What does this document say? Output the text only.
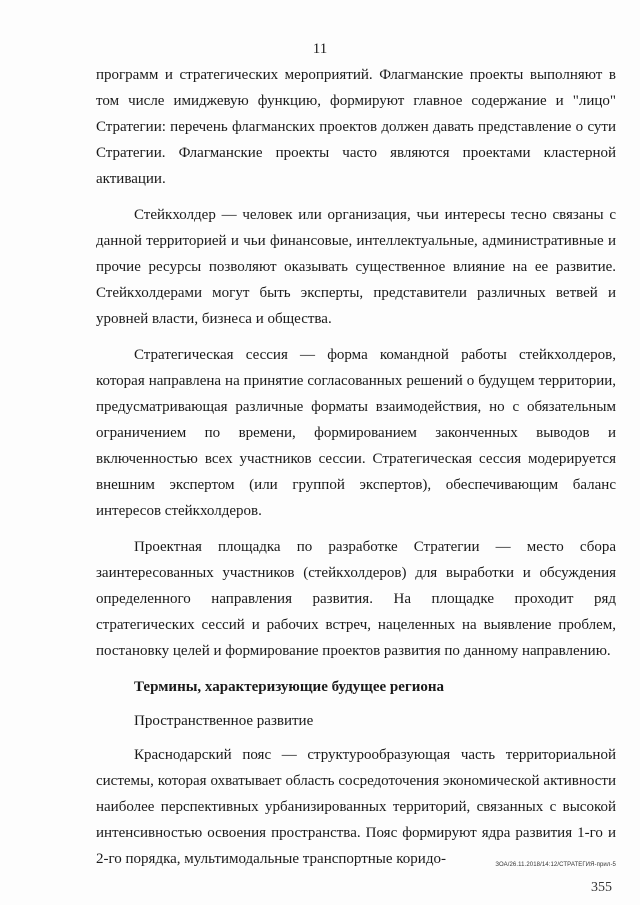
11

программ и стратегических мероприятий. Флагманские проекты выполняют в том числе имиджевую функцию, формируют главное содержание и "лицо" Стратегии: перечень флагманских проектов должен давать представление о сути Стратегии. Флагманские проекты часто являются проектами кластерной активации.

Стейкхолдер — человек или организация, чьи интересы тесно связаны с данной территорией и чьи финансовые, интеллектуальные, административные и прочие ресурсы позволяют оказывать существенное влияние на ее развитие. Стейкхолдерами могут быть эксперты, представители различных ветвей и уровней власти, бизнеса и общества.

Стратегическая сессия — форма командной работы стейкхолдеров, которая направлена на принятие согласованных решений о будущем территории, предусматривающая различные форматы взаимодействия, но с обязательным ограничением по времени, формированием законченных выводов и включенностью всех участников сессии. Стратегическая сессия модерируется внешним экспертом (или группой экспертов), обеспечивающим баланс интересов стейкхолдеров.

Проектная площадка по разработке Стратегии — место сбора заинтересованных участников (стейкхолдеров) для выработки и обсуждения определенного направления развития. На площадке проходит ряд стратегических сессий и рабочих встреч, нацеленных на выявление проблем, постановку целей и формирование проектов развития по данному направлению.

Термины, характеризующие будущее региона
Пространственное развитие

Краснодарский пояс — структурообразующая часть территориальной системы, которая охватывает область сосредоточения экономической активности наиболее перспективных урбанизированных территорий, связанных с высокой интенсивностью освоения пространства. Пояс формируют ядра развития 1-го и 2-го порядка, мультимодальные транспортные коридо-	ЗОА/26.11.2018/14:12/СТРАТЕГИЯ-прил-5
355
